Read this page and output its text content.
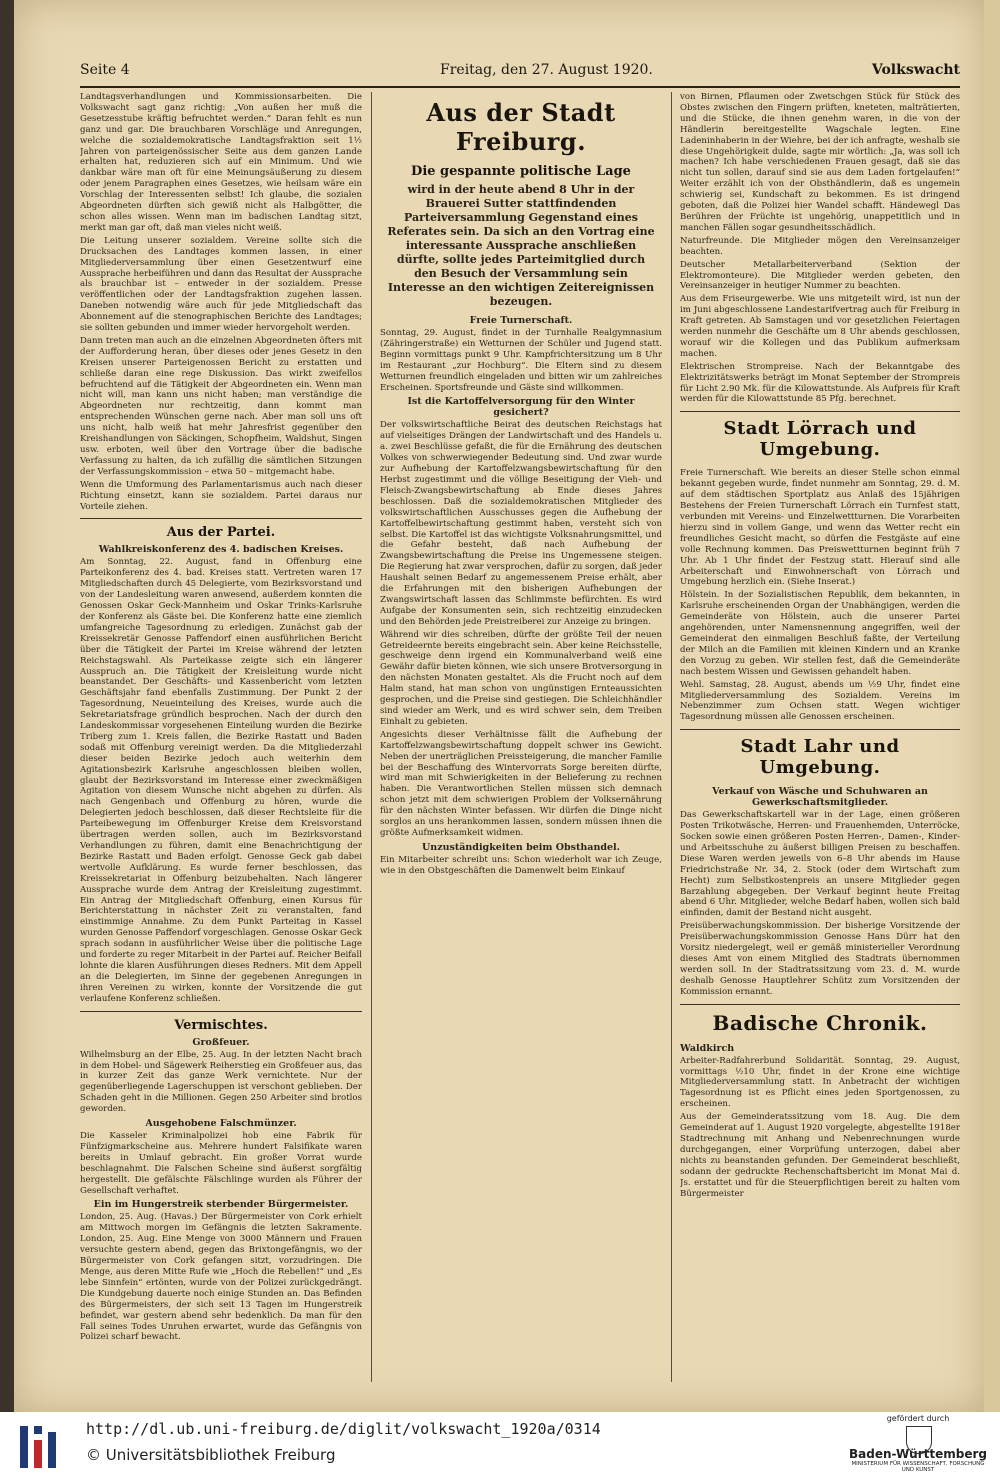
Seite 4	Freitag, den 27. August 1920.	Volkswacht

Landtagsverhandlungen und Kommissionsarbeiten. Die Volkswacht sagt ganz richtig: „Von außen her muß die Gesetzesstube kräftig befruchtet werden.“ Daran fehlt es nun ganz und gar. Die brauchbaren Vorschläge und Anregungen, welche die sozialdemokratische Landtagsfraktion seit 1½ Jahren von parteigenössischer Seite aus dem ganzen Lande erhalten hat, reduzieren sich auf ein Minimum. Und wie dankbar wäre man oft für eine Meinungsäußerung zu diesem oder jenem Paragraphen eines Gesetzes, wie heilsam wäre ein Vorschlag der Interessenten selbst! Ich glaube, die sozialen Abgeordneten dürften sich gewiß nicht als Halbgötter, die schon alles wissen. Wenn man im badischen Landtag sitzt, merkt man gar oft, daß man vieles nicht weiß.

Die Leitung unserer sozialdem. Vereine sollte sich die Drucksachen des Landtages kommen lassen, in einer Mitgliederversammlung über einen Gesetzentwurf eine Aussprache herbeiführen und dann das Resultat der Aussprache als brauchbar ist – entweder in der sozialdem. Presse veröffentlichen oder der Landtagsfraktion zugehen lassen. Daneben notwendig wäre auch für jede Mitgliedschaft das Abonnement auf die stenographischen Berichte des Landtages; sie sollten gebunden und immer wieder hervorgeholt werden.

Dann treten man auch an die einzelnen Abgeordneten öfters mit der Aufforderung heran, über dieses oder jenes Gesetz in den Kreisen unserer Parteigenossen Bericht zu erstatten und schließe daran eine rege Diskussion. Das wirkt zweifellos befruchtend auf die Tätigkeit der Abgeordneten ein. Wenn man nicht will, man kann uns nicht haben; man verständige die Abgeordneten nur rechtzeitig, dann kommt man entsprechenden Wünschen gerne nach. Aber man soll uns oft uns nicht, halb weiß hat mehr Jahresfrist gegenüber den Kreishandlungen von Säckingen, Schopfheim, Waldshut, Singen usw. erboten, weil über den Vortrage über die badische Verfassung zu halten, da ich zufällig die sämtlichen Sitzungen der Verfassungskommission – etwa 50 – mitgemacht habe.

Wenn die Umformung des Parlamentarismus auch nach dieser Richtung einsetzt, kann sie sozialdem. Partei daraus nur Vorteile ziehen.

Aus der Partei.
Wahlkreiskonferenz des 4. badischen Kreises.

Am Sonntag, 22. August, fand in Offenburg eine Parteikonferenz des 4. bad. Kreises statt. Vertreten waren 17 Mitgliedschaften durch 45 Delegierte, vom Bezirksvorstand und von der Landesleitung waren anwesend, außerdem konnten die Genossen Oskar Geck-Mannheim und Oskar Trinks-Karlsruhe der Konferenz als Gäste bei. Die Konferenz hatte eine ziemlich umfangreiche Tagesordnung zu erledigen. Zunächst gab der Kreissekretär Genosse Paffendorf einen ausführlichen Bericht über die Tätigkeit der Partei im Kreise während der letzten Reichstagswahl. Als Parteikasse zeigte sich ein längerer Ausspruch an. Die Tätigkeit der Kreisleitung wurde nicht beanstandet. Der Geschäfts- und Kassenbericht vom letzten Geschäftsjahr fand ebenfalls Zustimmung. Der Punkt 2 der Tagesordnung, Neueinteilung des Kreises, wurde auch die Sekretariatsfrage gründlich besprochen. Nach der durch den Landeskommissar vorgesehenen Einteilung wurden die Bezirke Triberg zum 1. Kreis fallen, die Bezirke Rastatt und Baden sodaß mit Offenburg vereinigt werden. Da die Mitgliederzahl dieser beiden Bezirke jedoch auch weiterhin dem Agitationsbezirk Karlsruhe angeschlossen bleiben wollen, glaubt der Bezirksvorstand im Interesse einer zweckmäßigen Agitation von diesem Wunsche nicht abgehen zu dürfen. Als nach Gengenbach und Offenburg zu hören, wurde die Delegierten jedoch beschlossen, daß dieser Rechtsleite für die Parteibewegung im Offenburger Kreise dem Kreisvorstand übertragen werden sollen, auch im Bezirksvorstand Verhandlungen zu führen, damit eine Benachrichtigung der Bezirke Rastatt und Baden erfolgt. Genosse Geck gab dabei wertvolle Aufklärung. Es wurde ferner beschlossen, das Kreissekretariat in Offenburg beizubehalten. Nach längerer Aussprache wurde dem Antrag der Kreisleitung zugestimmt. Ein Antrag der Mitgliedschaft Offenburg, einen Kursus für Berichterstattung in nächster Zeit zu veranstalten, fand einstimmige Annahme. Zu dem Punkt Parteitag in Kassel wurden Genosse Paffendorf vorgeschlagen. Genosse Oskar Geck sprach sodann in ausführlicher Weise über die politische Lage und forderte zu reger Mitarbeit in der Partei auf. Reicher Beifall lohnte die klaren Ausführungen dieses Redners. Mit dem Appell an die Delegierten, im Sinne der gegebenen Anregungen in ihren Vereinen zu wirken, konnte der Vorsitzende die gut verlaufene Konferenz schließen.

Vermischtes.
Großfeuer.

Wilhelmsburg an der Elbe, 25. Aug. In der letzten Nacht brach in dem Hobel- und Sägewerk Reiherstieg ein Großfeuer aus, das in kurzer Zeit das ganze Werk vernichtete. Nur der gegenüberliegende Lagerschuppen ist verschont geblieben. Der Schaden geht in die Millionen. Gegen 250 Arbeiter sind brotlos geworden.

Ausgehobene Falschmünzer.

Die Kasseler Kriminalpolizei hob eine Fabrik für Fünfzigmarkscheine aus. Mehrere hundert Falsifikate waren bereits in Umlauf gebracht. Ein großer Vorrat wurde beschlagnahmt. Die Falschen Scheine sind äußerst sorgfältig hergestellt. Die gefälschte Fälschlinge wurden als Führer der Gesellschaft verhaftet.

Ein im Hungerstreik sterbender Bürgermeister.

London, 25. Aug. (Havas.) Der Bürgermeister von Cork erhielt am Mittwoch morgen im Gefängnis die letzten Sakramente. London, 25. Aug. Eine Menge von 3000 Männern und Frauen versuchte gestern abend, gegen das Brixtongefängnis, wo der Bürgermeister von Cork gefangen sitzt, vorzudringen. Die Menge, aus deren Mitte Rufe wie „Hoch die Rebellen!“ und „Es lebe Sinnfein“ ertönten, wurde von der Polizei zurückgedrängt. Die Kundgebung dauerte noch einige Stunden an. Das Befinden des Bürgermeisters, der sich seit 13 Tagen im Hungerstreik befindet, war gestern abend sehr bedenklich. Da man für den Fall seines Todes Unruhen erwartet, wurde das Gefängnis von Polizei scharf bewacht.

Aus der Stadt Freiburg.
Die gespannte politische Lage
wird in der heute abend 8 Uhr in der Brauerei Sutter stattfindenden Parteiversammlung Gegenstand eines Referates sein. Da sich an den Vortrag eine interessante Aussprache anschließen dürfte, sollte jedes Parteimitglied durch den Besuch der Versammlung sein Interesse an den wichtigen Zeitereignissen bezeugen.
Freie Turnerschaft.

Sonntag, 29. August, findet in der Turnhalle Realgymnasium (Zähringerstraße) ein Wetturnen der Schüler und Jugend statt. Beginn vormittags punkt 9 Uhr. Kampfrichtersitzung um 8 Uhr im Restaurant „zur Hochburg“. Die Eltern sind zu diesem Wetturnen freundlich eingeladen und bitten wir um zahlreiches Erscheinen. Sportsfreunde und Gäste sind willkommen.

Ist die Kartoffelversorgung für den Winter gesichert?

Der volkswirtschaftliche Beirat des deutschen Reichstags hat auf vielseitiges Drängen der Landwirtschaft und des Handels u. a. zwei Beschlüsse gefaßt, die für die Ernährung des deutschen Volkes von schwerwiegender Bedeutung sind. Und zwar wurde zur Aufhebung der Kartoffelzwangsbewirtschaftung für den Herbst zugestimmt und die völlige Beseitigung der Vieh- und Fleisch-Zwangsbewirtschaftung ab Ende dieses Jahres beschlossen. Daß die sozialdemokratischen Mitglieder des volkswirtschaftlichen Ausschusses gegen die Aufhebung der Kartoffelbewirtschaftung gestimmt haben, versteht sich von selbst. Die Kartoffel ist das wichtigste Volksnahrungsmittel, und die Gefahr besteht, daß nach Aufhebung der Zwangsbewirtschaftung die Preise ins Ungemessene steigen. Die Regierung hat zwar versprochen, dafür zu sorgen, daß jeder Haushalt seinen Bedarf zu angemessenem Preise erhält, aber die Erfahrungen mit den bisherigen Aufhebungen der Zwangswirtschaft lassen das Schlimmste befürchten. Es wird Aufgabe der Konsumenten sein, sich rechtzeitig einzudecken und den Behörden jede Preistreiberei zur Anzeige zu bringen.

Während wir dies schreiben, dürfte der größte Teil der neuen Getreideernte bereits eingebracht sein. Aber keine Reichsstelle, geschweige denn irgend ein Kommunalverband weiß eine Gewähr dafür bieten können, wie sich unsere Brotversorgung in den nächsten Monaten gestaltet. Als die Frucht noch auf dem Halm stand, hat man schon von ungünstigen Ernteaussichten gesprochen, und die Preise sind gestiegen. Die Schleichhändler sind wieder am Werk, und es wird schwer sein, dem Treiben Einhalt zu gebieten.

Angesichts dieser Verhältnisse fällt die Aufhebung der Kartoffelzwangsbewirtschaftung doppelt schwer ins Gewicht. Neben der unerträglichen Preissteigerung, die mancher Familie bei der Beschaffung des Wintervorrats Sorge bereiten dürfte, wird man mit Schwierigkeiten in der Belieferung zu rechnen haben. Die Verantwortlichen Stellen müssen sich demnach schon jetzt mit dem schwierigen Problem der Volksernährung für den nächsten Winter befassen. Wir dürfen die Dinge nicht sorglos an uns herankommen lassen, sondern müssen ihnen die größte Aufmerksamkeit widmen.

Unzuständigkeiten beim Obsthandel.

Ein Mitarbeiter schreibt uns: Schon wiederholt war ich Zeuge, wie in den Obstgeschäften die Damenwelt beim Einkauf

von Birnen, Pflaumen oder Zwetschgen Stück für Stück des Obstes zwischen den Fingern prüften, kneteten, malträtierten, und die Stücke, die ihnen genehm waren, in die von der Händlerin bereitgestellte Wagschale legten. Eine Ladeninhaberin in der Wiehre, bei der ich anfragte, weshalb sie diese Ungehörigkeit dulde, sagte mir wörtlich: „Ja, was soll ich machen? Ich habe verschiedenen Frauen gesagt, daß sie das nicht tun sollen, darauf sind sie aus dem Laden fortgelaufen!“ Weiter erzählt ich von der Obsthändlerin, daß es ungemein schwierig sei, Kundschaft zu bekommen. Es ist dringend geboten, daß die Polizei hier Wandel schafft. Händewegl Das Berühren der Früchte ist ungehörig, unappetitlich und in manchen Fällen sogar gesundheitsschädlich.

Naturfreunde. Die Mitglieder mögen den Vereinsanzeiger beachten.

Deutscher Metallarbeiterverband (Sektion der Elektromonteure). Die Mitglieder werden gebeten, den Vereinsanzeiger in heutiger Nummer zu beachten.

Aus dem Friseurgewerbe. Wie uns mitgeteilt wird, ist nun der im Juni abgeschlossene Landestarifvertrag auch für Freiburg in Kraft getreten. Ab Samstagen und vor gesetzlichen Feiertagen werden nunmehr die Geschäfte um 8 Uhr abends geschlossen, worauf wir die Kollegen und das Publikum aufmerksam machen.

Elektrischen Strompreise. Nach der Bekanntgabe des Elektrizitätswerks beträgt im Monat September der Strompreis für Licht 2.90 Mk. für die Kilowattstunde. Als Aufpreis für Kraft werden für die Kilowattstunde 85 Pfg. berechnet.

Stadt Lörrach und Umgebung.

Freie Turnerschaft. Wie bereits an dieser Stelle schon einmal bekannt gegeben wurde, findet nunmehr am Sonntag, 29. d. M. auf dem städtischen Sportplatz aus Anlaß des 15jährigen Bestehens der Freien Turnerschaft Lörrach ein Turnfest statt, verbunden mit Vereins- und Einzelwettturnen. Die Vorarbeiten hierzu sind in vollem Gange, und wenn das Wetter recht ein freundliches Gesicht macht, so dürfen die Festgäste auf eine volle Rechnung kommen. Das Preiswettturnen beginnt früh 7 Uhr. Ab 1 Uhr findet der Festzug statt. Hierauf sind alle Arbeiterschaft und Einwohnerschaft von Lörrach und Umgebung herzlich ein. (Siehe Inserat.)

Hölstein. In der Sozialistischen Republik, dem bekannten, in Karlsruhe erscheinenden Organ der Unabhängigen, werden die Gemeinderäte von Hölstein, auch die unserer Partei angehörenden, unter Namensnennung angegriffen, weil der Gemeinderat den einmaligen Beschluß faßte, der Verteilung der Milch an die Familien mit kleinen Kindern und an Kranke den Vorzug zu geben. Wir stellen fest, daß die Gemeinderäte nach bestem Wissen und Gewissen gehandelt haben.

Wehl. Samstag, 28. August, abends um ½9 Uhr, findet eine Mitgliederversammlung des Sozialdem. Vereins im Nebenzimmer zum Ochsen statt. Wegen wichtiger Tagesordnung müssen alle Genossen erscheinen.

Stadt Lahr und Umgebung.
Verkauf von Wäsche und Schuhwaren an Gewerkschaftsmitglieder.

Das Gewerkschaftskartell war in der Lage, einen größeren Posten Trikotwäsche, Herren- und Frauenhemden, Unterröcke, Socken sowie einen größeren Posten Herren-, Damen-, Kinder- und Arbeitsschuhe zu äußerst billigen Preisen zu beschaffen. Diese Waren werden jeweils von 6–8 Uhr abends im Hause Friedrichstraße Nr. 34, 2. Stock (oder dem Wirtschaft zum Hecht) zum Selbstkostenpreis an unsere Mitglieder gegen Barzahlung abgegeben. Der Verkauf beginnt heute Freitag abend 6 Uhr. Mitglieder, welche Bedarf haben, wollen sich bald einfinden, damit der Bestand nicht ausgeht.

Preisüberwachungskommission. Der bisherige Vorsitzende der Preisüberwachungskommission Genosse Hans Dürr hat den Vorsitz niedergelegt, weil er gemäß ministerieller Verordnung dieses Amt von einem Mitglied des Stadtrats übernommen werden soll. In der Stadtratssitzung vom 23. d. M. wurde deshalb Genosse Hauptlehrer Schütz zum Vorsitzenden der Kommission ernannt.

Badische Chronik.
Waldkirch

Arbeiter-Radfahrerbund Solidarität. Sonntag, 29. August, vormittags ½10 Uhr, findet in der Krone eine wichtige Mitgliederversammlung statt. In Anbetracht der wichtigen Tagesordnung ist es Pflicht eines jeden Sportgenossen, zu erscheinen.

Aus der Gemeinderatssitzung vom 18. Aug. Die dem Gemeinderat auf 1. August 1920 vorgelegte, abgestellte 1918er Stadtrechnung mit Anhang und Nebenrechnungen wurde durchgegangen, einer Vorprüfung unterzogen, dabei aber nichts zu beanstanden gefunden. Der Gemeinderat beschließt, sodann der gedruckte Rechenschaftsbericht im Monat Mai d. Js. erstattet und für die Steuerpflichtigen bereit zu halten vom Bürgermeister

http://dl.ub.uni-freiburg.de/diglit/volkswacht_1920a/0314
© Universitätsbibliothek Freiburg
gefördert durch
Baden-Württemberg
MINISTERIUM FÜR WISSENSCHAFT, FORSCHUNG UND KUNST
